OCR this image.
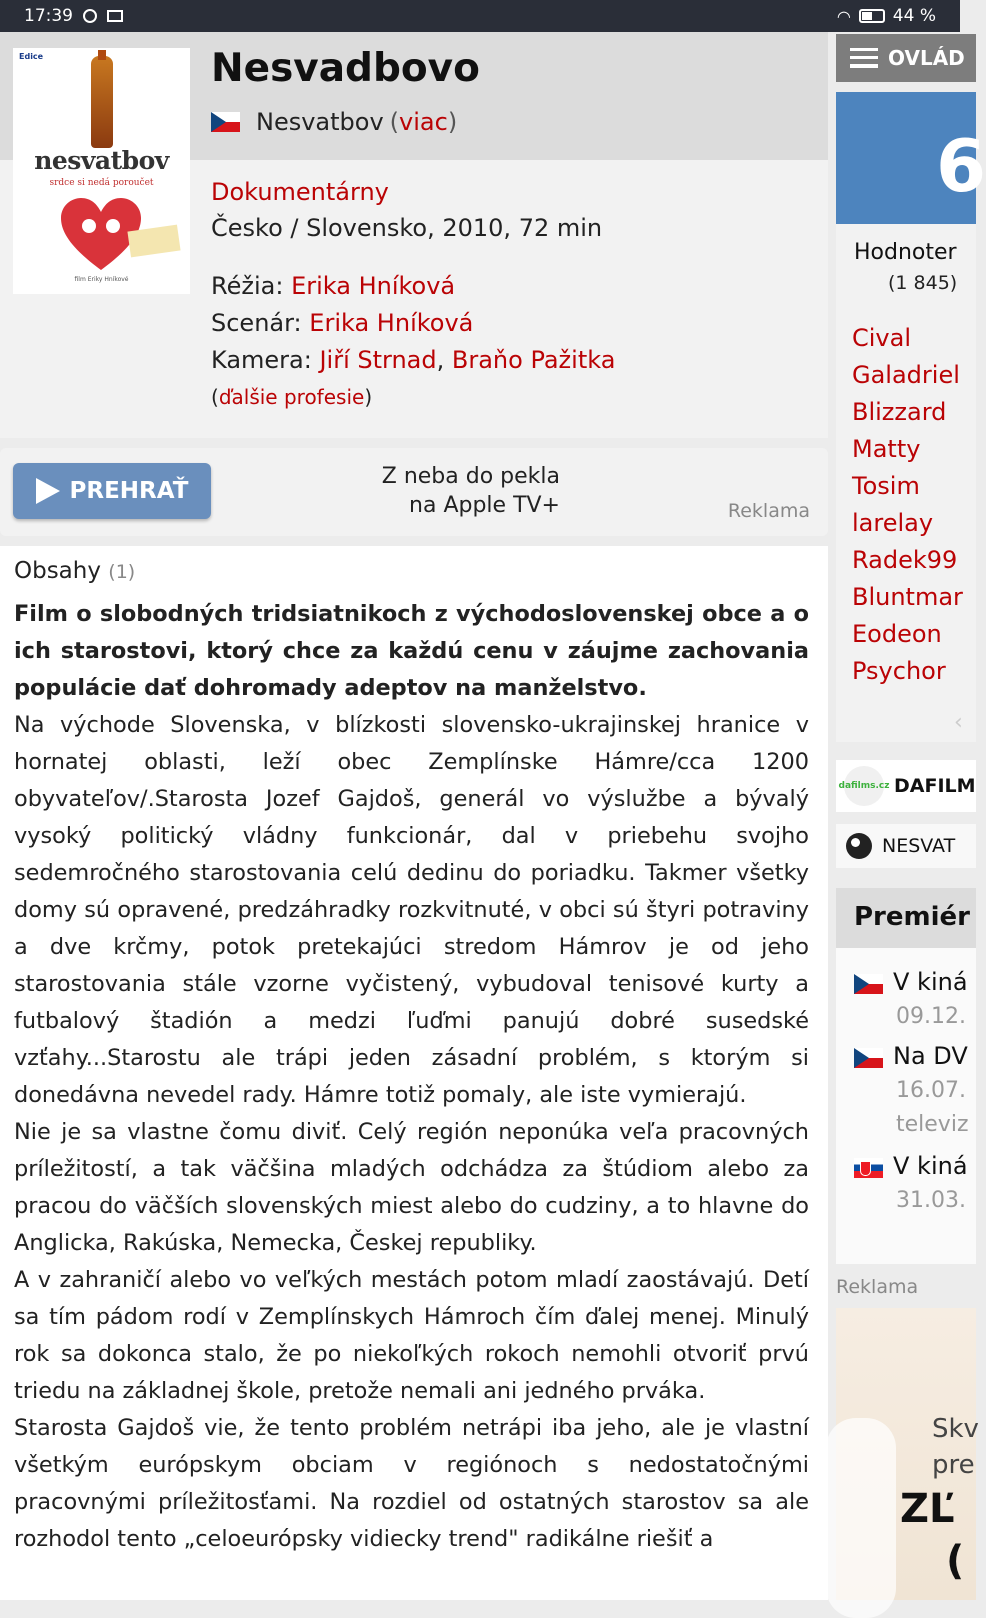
17:39	◠ 44 %
Edice
nesvatbov
srdce si nedá poroučet
film Eriky Hníkové
Nesvadbovo
Nesvatbov ( viac )
Dokumentárny
Česko / Slovensko, 2010, 72 min
Réžia: Erika Hníková
Scenár: Erika Hníková
Kamera: Jiří Strnad, Braňo Pažitka
(ďalšie profesie)
PREHRAŤ
Z neba do pekla
na Apple TV+	Reklama
Obsahy (1)

Film o slobodných tridsiatnikoch z východoslovenskej obce a o ich starostovi, ktorý chce za každú cenu v záujme zachovania populácie dať dohromady adeptov na manželstvo.

Na východe Slovenska, v blízkosti slovensko-ukrajinskej hranice v hornatej oblasti, leží obec Zemplínske Hámre/cca 1200 obyvateľov/.Starosta Jozef Gajdoš, generál vo výslužbe a bývalý vysoký politický vládny funkcionár, dal v priebehu svojho sedemročného starostovania celú dedinu do poriadku. Takmer všetky domy sú opravené, predzáhradky rozkvitnuté, v obci sú štyri potraviny a dve krčmy, potok pretekajúci stredom Hámrov je od jeho starostovania stále vzorne vyčistený, vybudoval tenisové kurty a futbalový štadión a medzi ľuďmi panujú dobré susedské vzťahy...Starostu ale trápi jeden zásadní problém, s ktorým si donedávna nevedel rady. Hámre totiž pomaly, ale iste vymierajú.

Nie je sa vlastne čomu diviť. Celý región neponúka veľa pracovných príležitostí, a tak väčšina mladých odchádza za štúdiom alebo za pracou do väčších slovenských miest alebo do cudziny, a to hlavne do Anglicka, Rakúska, Nemecka, Českej republiky.

A v zahraničí alebo vo veľkých mestách potom mladí zaostávajú. Detí sa tím pádom rodí v Zemplínskych Hámroch čím ďalej menej. Minulý rok sa dokonca stalo, že po niekoľkých rokoch nemohli otvoriť prvú triedu na základnej škole, pretože nemali ani jedného prváka.

Starosta Gajdoš vie, že tento problém netrápi iba jeho, ale je vlastní všetkým európskym obciam v regiónoch s nedostatočnými pracovnými príležitosťami. Na rozdiel od ostatných starostov sa ale rozhodol tento „celoeurópsky vidiecky trend" radikálne riešiť a

OVLÁD
6
Hodnoter
(1 845)
Cival
Galadriel
Blizzard
Matty
Tosim
larelay
Radek99
Bluntmar
Eodeon
Psychor
‹
dafilms.cz DAFILM
NESVAT
Premiér
V kiná
09.12.
Na DV
16.07.
televiz
V kiná
31.03.
Reklama
Skv
pre
ZĽ
(
